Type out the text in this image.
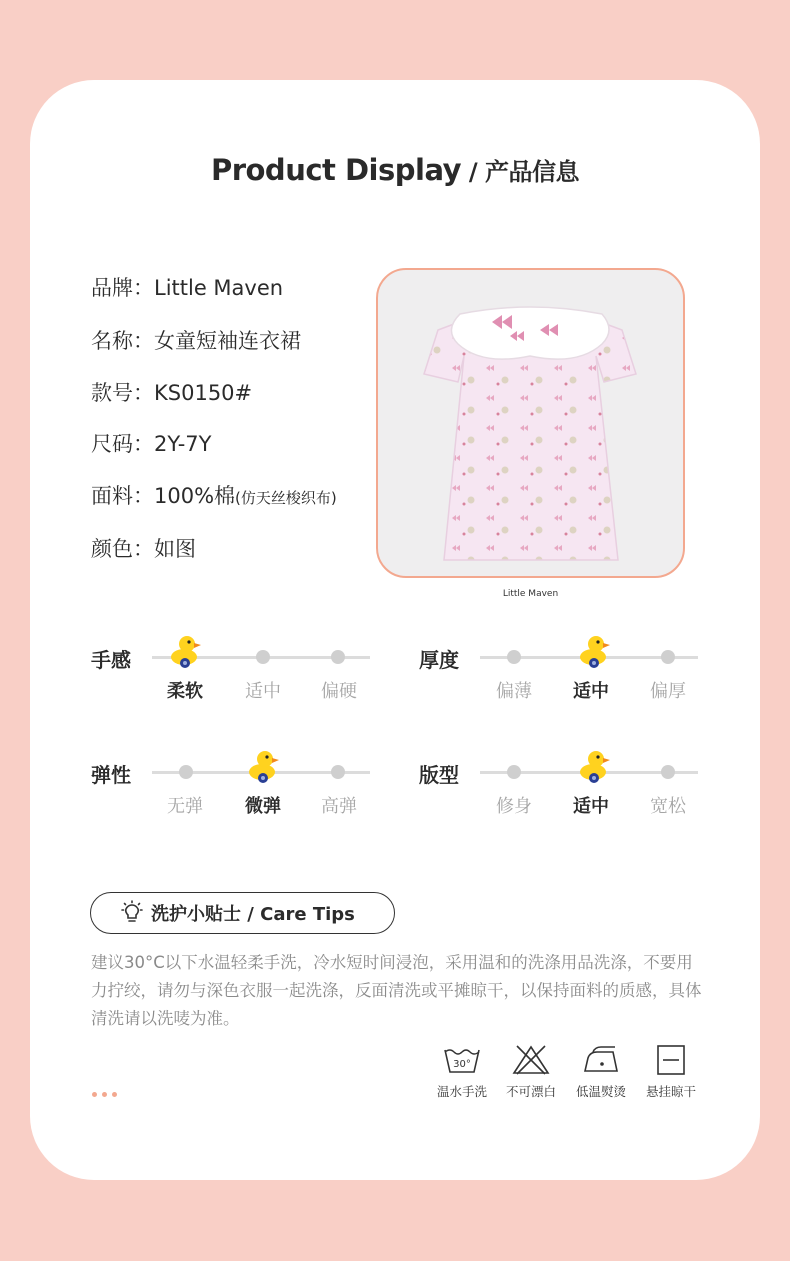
Product Display / 产品信息
品牌：Little Maven
名称：女童短袖连衣裙
款号：KS0150#
尺码：2Y-7Y
面料：100%棉(仿天丝梭织布)
颜色：如图
Little Maven
手感
柔软	适中	偏硬
厚度
偏薄	适中	偏厚
弹性
无弹	微弹	高弹
版型
修身	适中	宽松
洗护小贴士 / Care Tips
建议30°C以下水温轻柔手洗，冷水短时间浸泡，采用温和的洗涤用品洗涤，不要用力拧绞，请勿与深色衣服一起洗涤，反面清洗或平摊晾干，以保持面料的质感，具体清洗请以洗唛为准。
30°
温水手洗	不可漂白	低温熨烫	悬挂晾干
